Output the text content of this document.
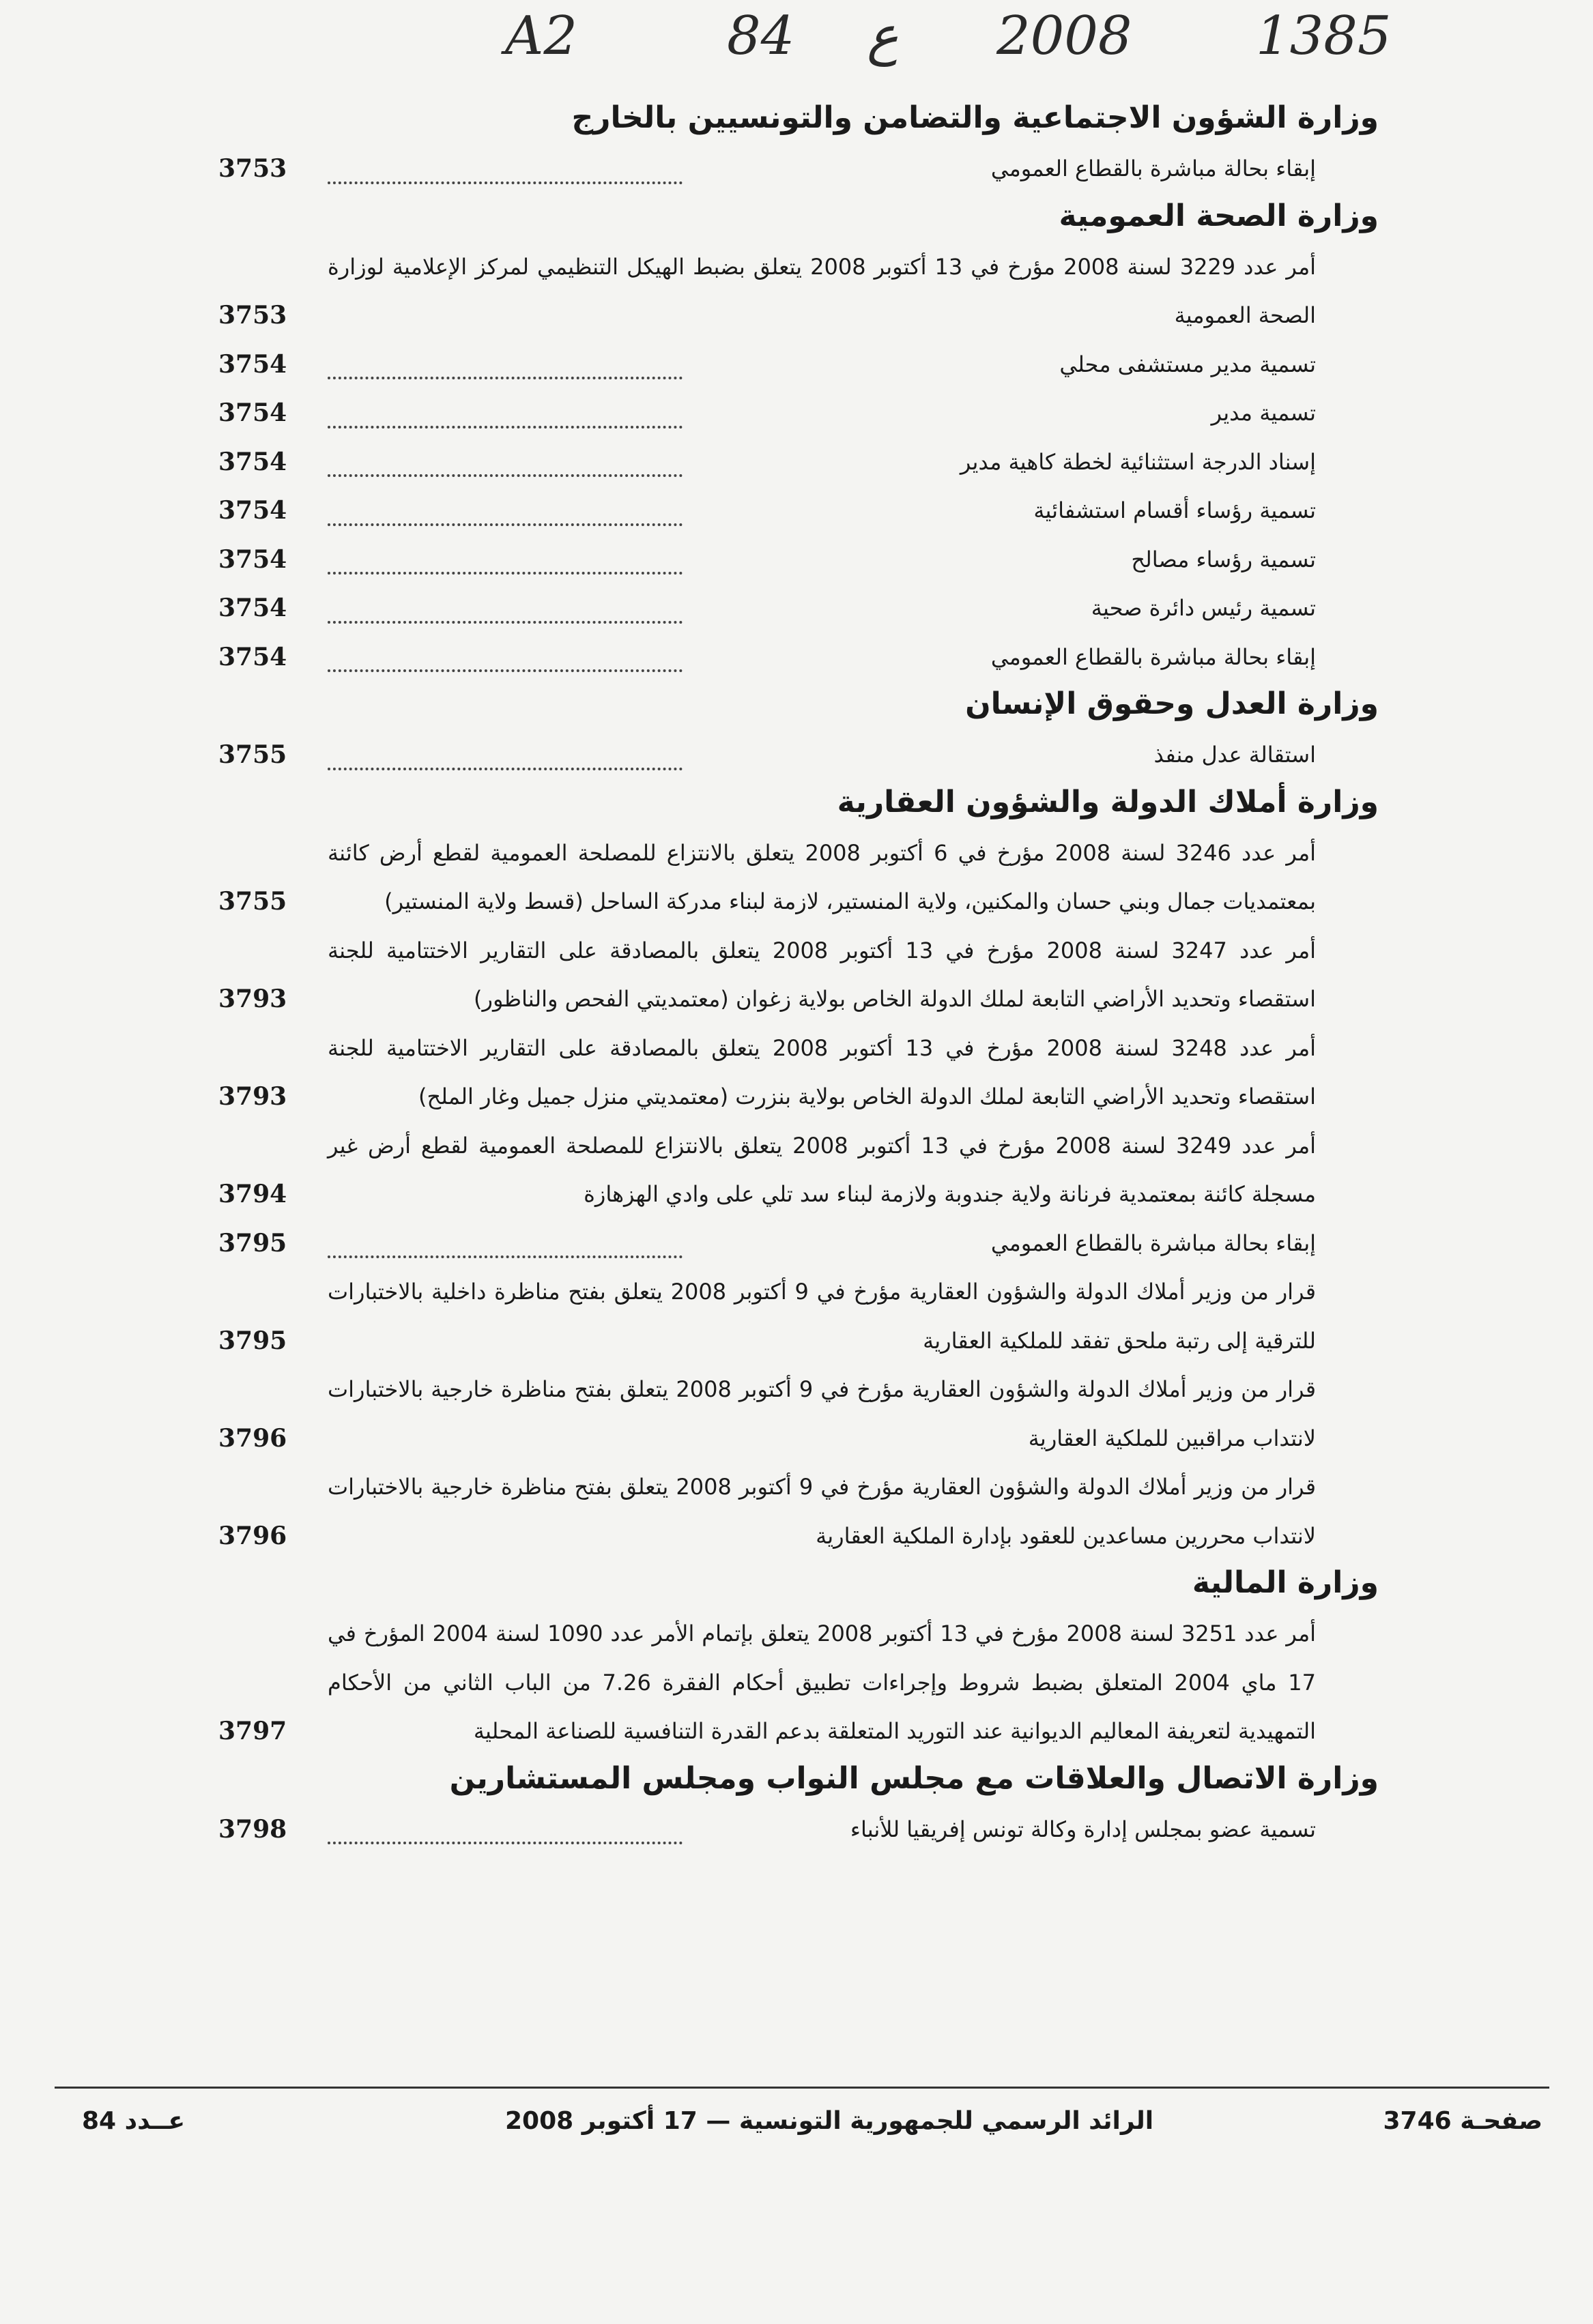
A2	84 ع 2008 1385
وزارة الشؤون الاجتماعية والتضامن والتونسيين بالخارج
إبقاء بحالة مباشرة بالقطاع العمومي
3753
وزارة الصحة العمومية
أمر عدد 3229 لسنة 2008 مؤرخ في 13 أكتوبر 2008 يتعلق بضبط الهيكل التنظيمي لمركز الإعلامية لوزارة الصحة العمومية
3753
تسمية مدير مستشفى محلي
3754
تسمية مدير
3754
إسناد الدرجة استثنائية لخطة كاهية مدير
3754
تسمية رؤساء أقسام استشفائية
3754
تسمية رؤساء مصالح
3754
تسمية رئيس دائرة صحية
3754
إبقاء بحالة مباشرة بالقطاع العمومي
3754
وزارة العدل وحقوق الإنسان
استقالة عدل منفذ
3755
وزارة أملاك الدولة والشؤون العقارية
أمر عدد 3246 لسنة 2008 مؤرخ في 6 أكتوبر 2008 يتعلق بالانتزاع للمصلحة العمومية لقطع أرض كائنة بمعتمديات جمال وبني حسان والمكنين، ولاية المنستير، لازمة لبناء مدركة الساحل (قسط ولاية المنستير)
3755
أمر عدد 3247 لسنة 2008 مؤرخ في 13 أكتوبر 2008 يتعلق بالمصادقة على التقارير الاختتامية للجنة استقصاء وتحديد الأراضي التابعة لملك الدولة الخاص بولاية زغوان (معتمديتي الفحص والناظور)
3793
أمر عدد 3248 لسنة 2008 مؤرخ في 13 أكتوبر 2008 يتعلق بالمصادقة على التقارير الاختتامية للجنة استقصاء وتحديد الأراضي التابعة لملك الدولة الخاص بولاية بنزرت (معتمديتي منزل جميل وغار الملح)
3793
أمر عدد 3249 لسنة 2008 مؤرخ في 13 أكتوبر 2008 يتعلق بالانتزاع للمصلحة العمومية لقطع أرض غير مسجلة كائنة بمعتمدية فرنانة ولاية جندوبة ولازمة لبناء سد تلي على وادي الهزهازة
3794
إبقاء بحالة مباشرة بالقطاع العمومي
3795
قرار من وزير أملاك الدولة والشؤون العقارية مؤرخ في 9 أكتوبر 2008 يتعلق بفتح مناظرة داخلية بالاختبارات للترقية إلى رتبة ملحق تفقد للملكية العقارية
3795
قرار من وزير أملاك الدولة والشؤون العقارية مؤرخ في 9 أكتوبر 2008 يتعلق بفتح مناظرة خارجية بالاختبارات لانتداب مراقبين للملكية العقارية
3796
قرار من وزير أملاك الدولة والشؤون العقارية مؤرخ في 9 أكتوبر 2008 يتعلق بفتح مناظرة خارجية بالاختبارات لانتداب محررين مساعدين للعقود بإدارة الملكية العقارية
3796
وزارة المالية
أمر عدد 3251 لسنة 2008 مؤرخ في 13 أكتوبر 2008 يتعلق بإتمام الأمر عدد 1090 لسنة 2004 المؤرخ في 17 ماي 2004 المتعلق بضبط شروط وإجراءات تطبيق أحكام الفقرة 7.26 من الباب الثاني من الأحكام التمهيدية لتعريفة المعاليم الديوانية عند التوريد المتعلقة بدعم القدرة التنافسية للصناعة المحلية
3797
وزارة الاتصال والعلاقات مع مجلس النواب ومجلس المستشارين
تسمية عضو بمجلس إدارة وكالة تونس إفريقيا للأنباء
3798
عــدد 84	الرائد الرسمي للجمهورية التونسية — 17 أكتوبر 2008	صفحـة 3746
